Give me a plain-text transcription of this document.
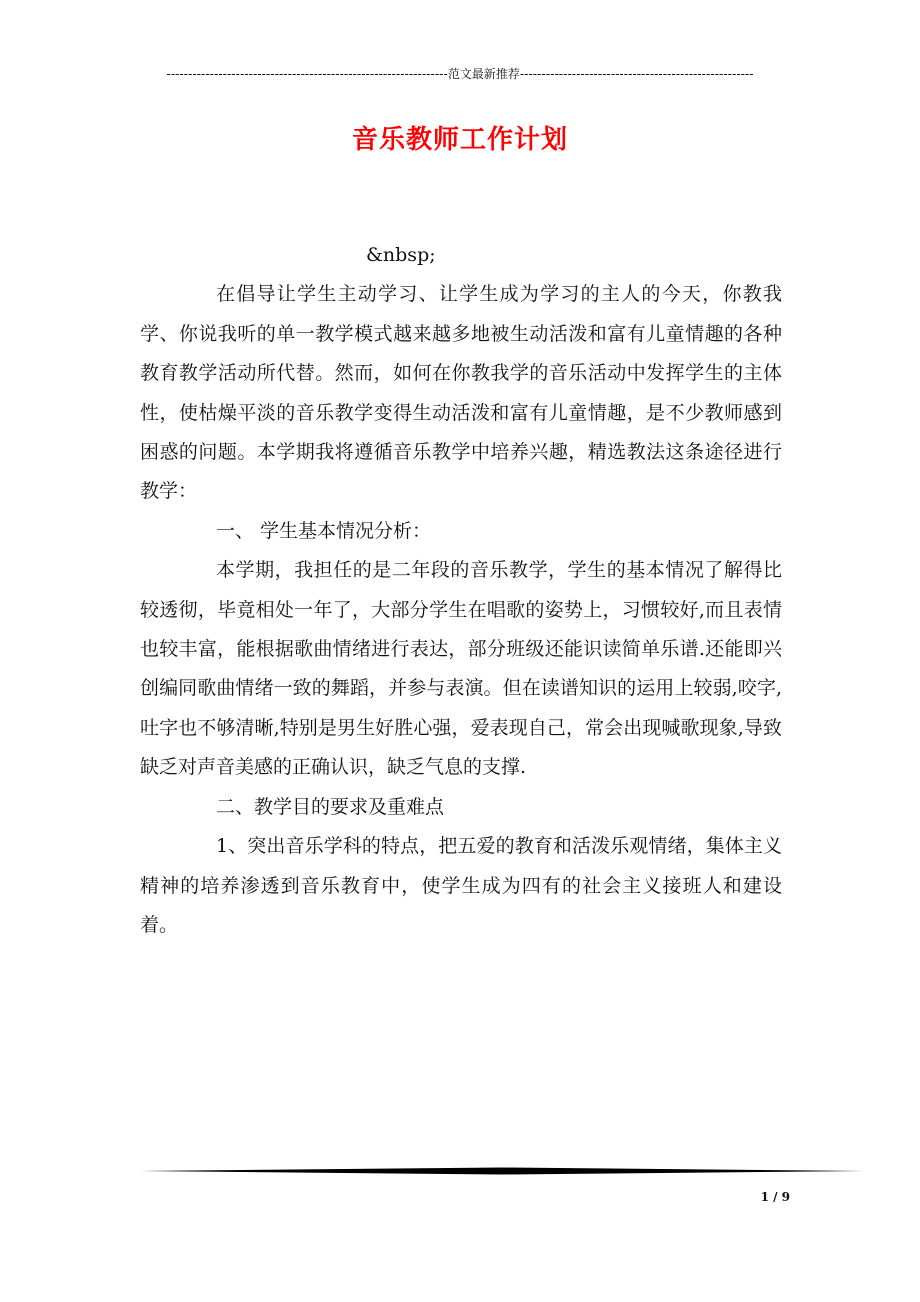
-----------------------------------------------------------------范文最新推荐------------------------------------------------------
音乐教师工作计划

&nbsp;

在倡导让学生主动学习、让学生成为学习的主人的今天，你教我学、你说我听的单一教学模式越来越多地被生动活泼和富有儿童情趣的各种教育教学活动所代替。然而，如何在你教我学的音乐活动中发挥学生的主体性，使枯燥平淡的音乐教学变得生动活泼和富有儿童情趣，是不少教师感到困惑的问题。本学期我将遵循音乐教学中培养兴趣，精选教法这条途径进行教学：

一、 学生基本情况分析：

本学期，我担任的是二年段的音乐教学，学生的基本情况了解得比较透彻，毕竟相处一年了，大部分学生在唱歌的姿势上，习惯较好,而且表情也较丰富，能根据歌曲情绪进行表达，部分班级还能识读简单乐谱.还能即兴创编同歌曲情绪一致的舞蹈，并参与表演。但在读谱知识的运用上较弱,咬字,吐字也不够清晰,特别是男生好胜心强，爱表现自己，常会出现喊歌现象,导致缺乏对声音美感的正确认识，缺乏气息的支撑.

二、教学目的要求及重难点

1、突出音乐学科的特点，把五爱的教育和活泼乐观情绪，集体主义精神的培养渗透到音乐教育中，使学生成为四有的社会主义接班人和建设着。

1 / 9
